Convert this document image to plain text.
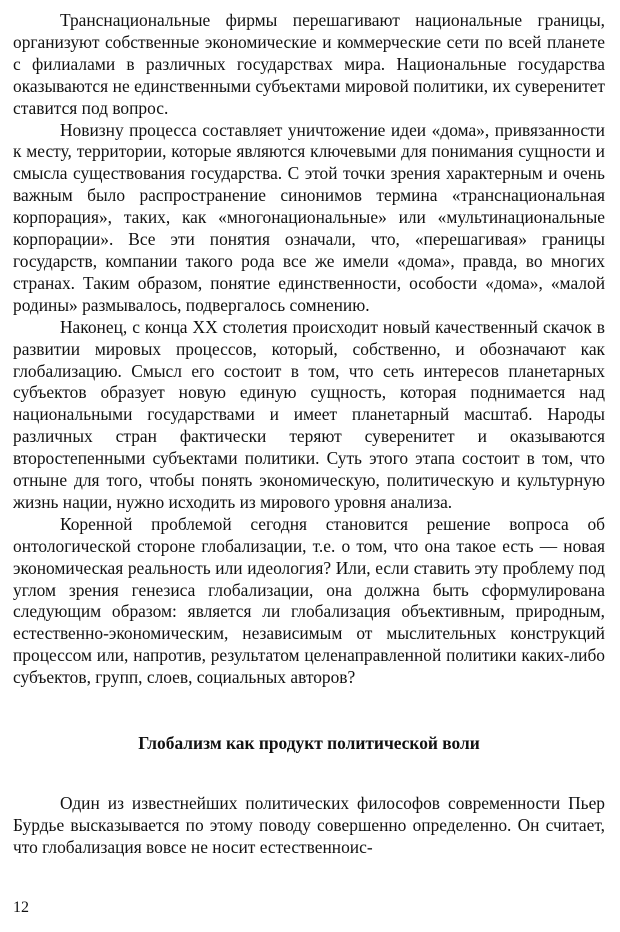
Транснациональные фирмы перешагивают национальные границы, организуют собственные экономические и коммерческие сети по всей планете с филиалами в различных государствах мира. Национальные государства оказываются не единственными субъектами мировой политики, их суверенитет ставится под вопрос.

Новизну процесса составляет уничтожение идеи «дома», привязанности к месту, территории, которые являются ключевыми для понимания сущности и смысла существования государства. С этой точки зрения характерным и очень важным было распространение синонимов термина «транснациональная корпорация», таких, как «многонациональные» или «мультинациональные корпорации». Все эти понятия означали, что, «перешагивая» границы государств, компании такого рода все же имели «дома», правда, во многих странах. Таким образом, понятие единственности, особости «дома», «малой родины» размывалось, подвергалось сомнению.

Наконец, с конца XX столетия происходит новый качественный скачок в развитии мировых процессов, который, собственно, и обозначают как глобализацию. Смысл его состоит в том, что сеть интересов планетарных субъектов образует новую единую сущность, которая поднимается над национальными государствами и имеет планетарный масштаб. Народы различных стран фактически теряют суверенитет и оказываются второстепенными субъектами политики. Суть этого этапа состоит в том, что отныне для того, чтобы понять экономическую, политическую и культурную жизнь нации, нужно исходить из мирового уровня анализа.

Коренной проблемой сегодня становится решение вопроса об онтологической стороне глобализации, т.е. о том, что она такое есть — новая экономическая реальность или идеология? Или, если ставить эту проблему под углом зрения генезиса глобализации, она должна быть сформулирована следующим образом: является ли глобализация объективным, природным, естественно-экономическим, независимым от мыслительных конструкций процессом или, напротив, результатом целенаправленной политики каких-либо субъектов, групп, слоев, социальных авторов?

Глобализм как продукт политической воли

Один из известнейших политических философов современности Пьер Бурдье высказывается по этому поводу совершенно определенно. Он считает, что глобализация вовсе не носит естественноис-

12
